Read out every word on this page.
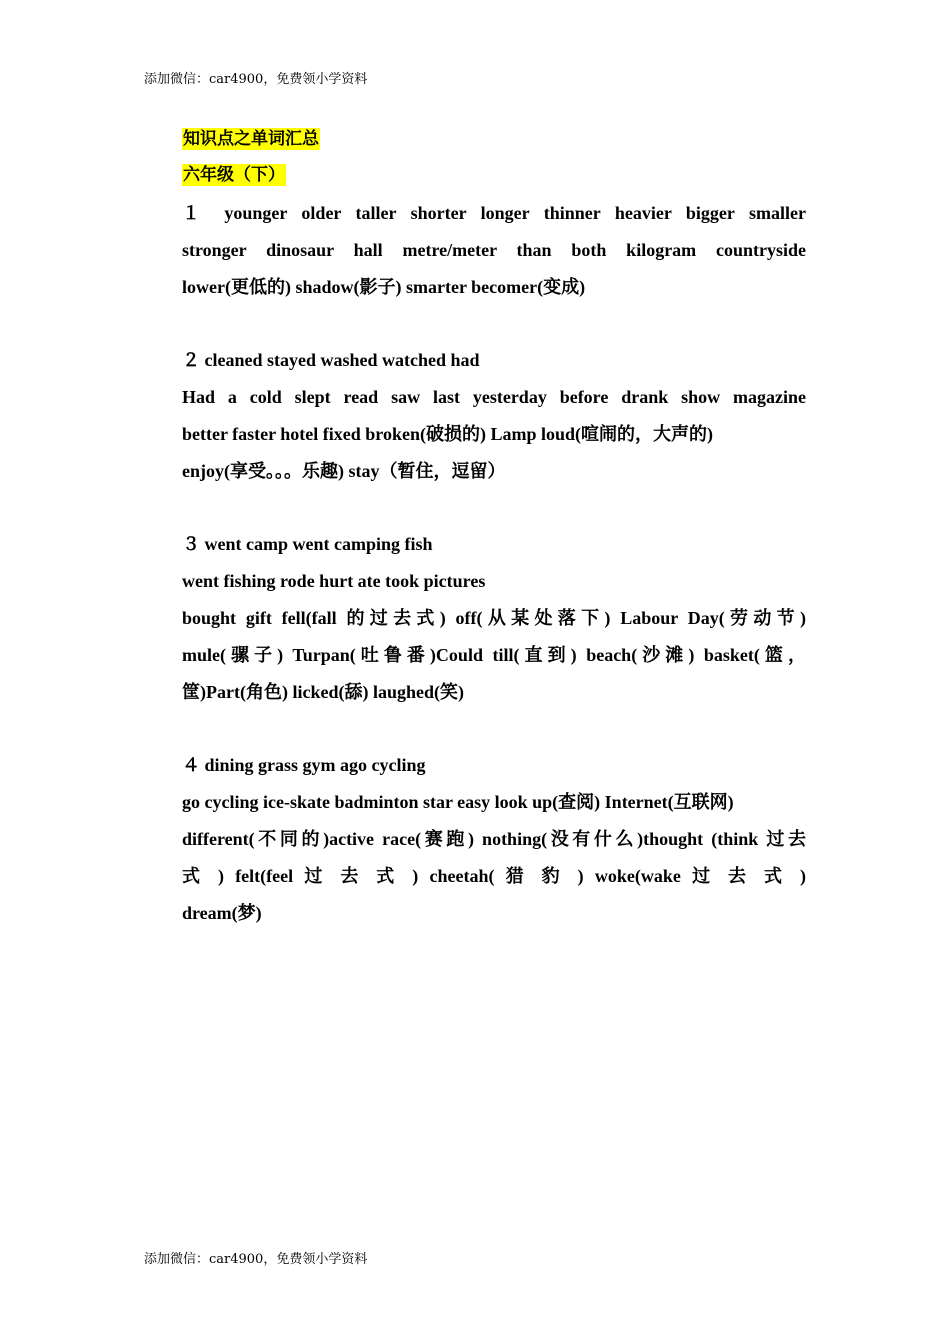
添加微信：car4900，免费领小学资料
知识点之单词汇总
六年级（下）
１ younger older taller shorter longer thinner heavier bigger smaller
stronger dinosaur hall metre/meter than both kilogram countryside
lower(更低的) shadow(影子) smarter becomer(变成)
２ cleaned stayed washed watched had
Had a cold slept read saw last yesterday before drank show magazine
better faster hotel fixed broken(破损的) Lamp loud(喧闹的，大声的)
enjoy(享受。。。乐趣) stay（暂住，逗留）
３ went camp went camping fish
went fishing rode hurt ate took pictures
bought gift fell(fall 的过去式) off(从某处落下) Labour Day(劳动节)
mule(骡子) Turpan(吐鲁番)Could till(直到) beach(沙滩) basket(篮，
筐)Part(角色) licked(舔) laughed(笑)
４ dining grass gym ago cycling
go cycling ice-skate badminton star easy look up(查阅) Internet(互联网)
different(不同的)active race(赛跑) nothing(没有什么)thought (think 过去
式 ) felt(feel 过 去 式 ) cheetah( 猎 豹 ) woke(wake 过 去 式 )
dream(梦)
添加微信：car4900，免费领小学资料
